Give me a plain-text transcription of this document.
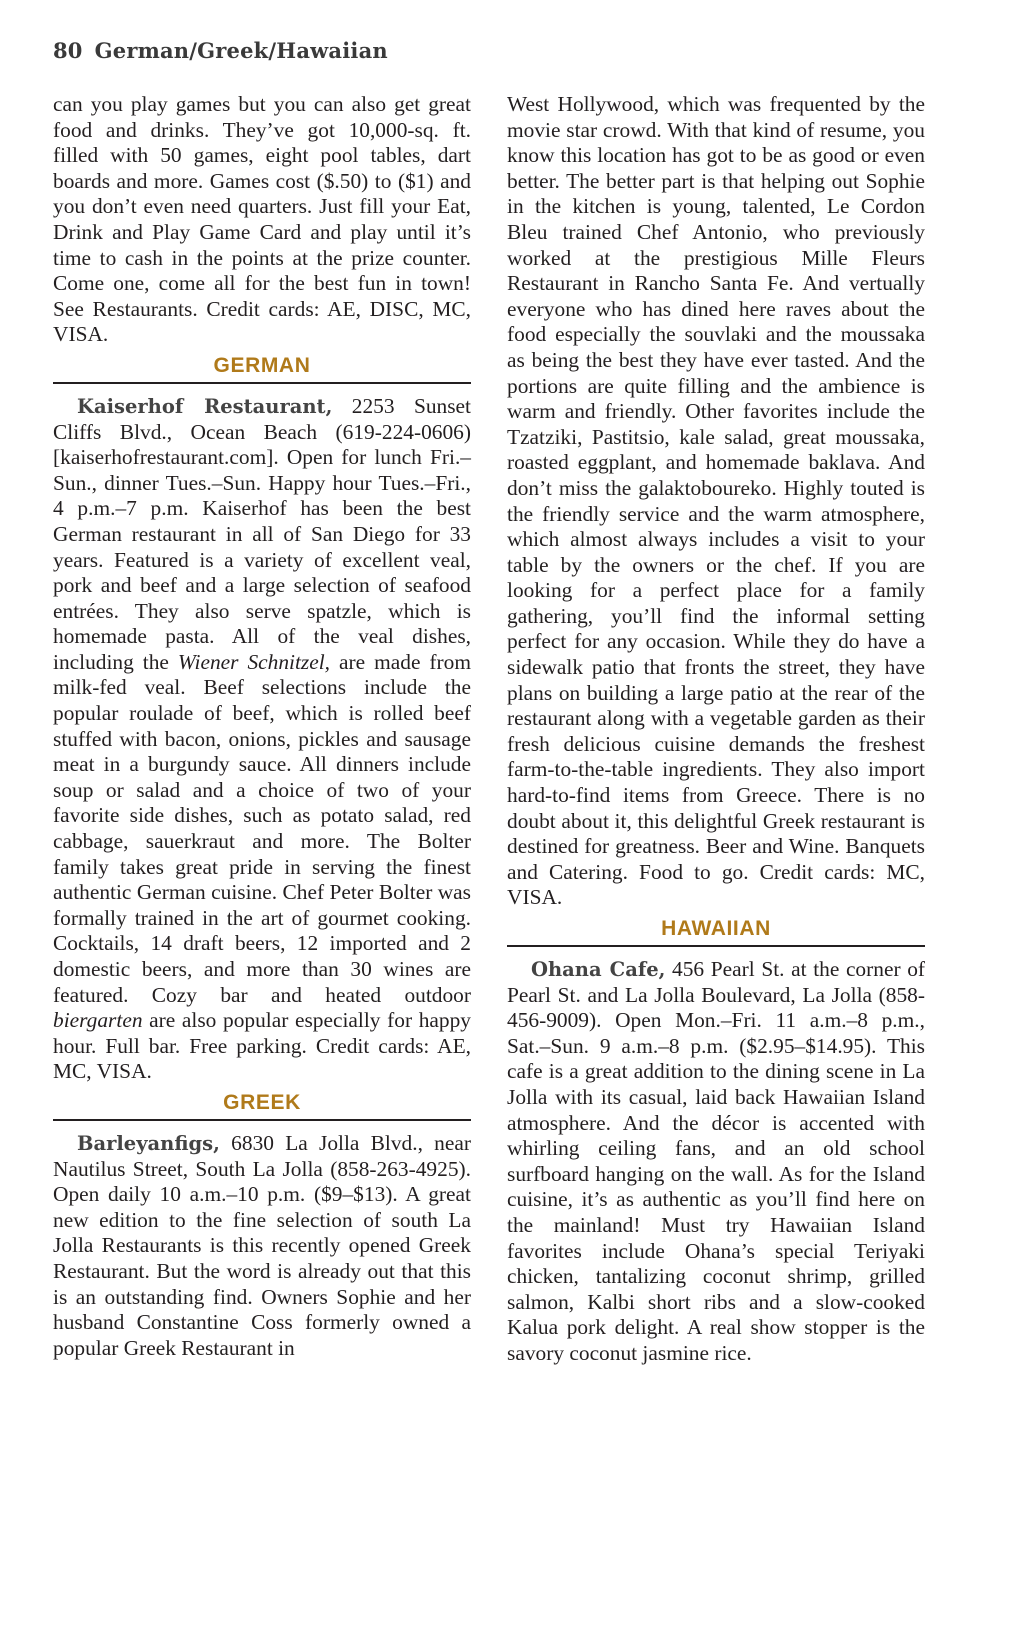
80 German/Greek/Hawaiian

can you play games but you can also get great food and drinks. They’ve got 10,000-sq. ft. filled with 50 games, eight pool tables, dart boards and more. Games cost ($.50) to ($1) and you don’t even need quarters. Just fill your Eat, Drink and Play Game Card and play until it’s time to cash in the points at the prize counter. Come one, come all for the best fun in town! See Restaurants. Credit cards: AE, DISC, MC, VISA.

GERMAN

Kaiserhof Restaurant, 2253 Sunset Cliffs Blvd., Ocean Beach (619-224-0606) [kaiserhofrestaurant.com]. Open for lunch Fri.–Sun., dinner Tues.–Sun. Happy hour Tues.–Fri., 4 p.m.–7 p.m. Kaiserhof has been the best German restaurant in all of San Diego for 33 years. Featured is a variety of excellent veal, pork and beef and a large selection of seafood entrées. They also serve spatzle, which is homemade pasta. All of the veal dishes, including the Wiener Schnitzel, are made from milk-fed veal. Beef selections include the popular roulade of beef, which is rolled beef stuffed with bacon, onions, pickles and sausage meat in a burgundy sauce. All dinners include soup or salad and a choice of two of your favorite side dishes, such as potato salad, red cabbage, sauerkraut and more. The Bolter family takes great pride in serving the finest authentic German cuisine. Chef Peter Bolter was formally trained in the art of gourmet cooking. Cocktails, 14 draft beers, 12 imported and 2 domestic beers, and more than 30 wines are featured. Cozy bar and heated outdoor biergarten are also popular especially for happy hour. Full bar. Free parking. Credit cards: AE, MC, VISA.

GREEK

Barleyanfigs, 6830 La Jolla Blvd., near Nautilus Street, South La Jolla (858-263-4925). Open daily 10 a.m.–10 p.m. ($9–$13). A great new edition to the fine selection of south La Jolla Restaurants is this recently opened Greek Restaurant. But the word is already out that this is an outstanding find. Owners Sophie and her husband Constantine Coss formerly owned a popular Greek Restaurant in

West Hollywood, which was frequented by the movie star crowd. With that kind of resume, you know this location has got to be as good or even better. The better part is that helping out Sophie in the kitchen is young, talented, Le Cordon Bleu trained Chef Antonio, who previously worked at the prestigious Mille Fleurs Restaurant in Rancho Santa Fe. And vertually everyone who has dined here raves about the food especially the souvlaki and the moussaka as being the best they have ever tasted. And the portions are quite filling and the ambience is warm and friendly. Other favorites include the Tzatziki, Pastitsio, kale salad, great moussaka, roasted eggplant, and homemade baklava. And don’t miss the galaktoboureko. Highly touted is the friendly service and the warm atmosphere, which almost always includes a visit to your table by the owners or the chef. If you are looking for a perfect place for a family gathering, you’ll find the informal setting perfect for any occasion. While they do have a sidewalk patio that fronts the street, they have plans on building a large patio at the rear of the restaurant along with a vegetable garden as their fresh delicious cuisine demands the freshest farm-to-the-table ingredients. They also import hard-to-find items from Greece. There is no doubt about it, this delightful Greek restaurant is destined for greatness. Beer and Wine. Banquets and Catering. Food to go. Credit cards: MC, VISA.

HAWAIIAN

Ohana Cafe, 456 Pearl St. at the corner of Pearl St. and La Jolla Boulevard, La Jolla (858-456-9009). Open Mon.–Fri. 11 a.m.–8 p.m., Sat.–Sun. 9 a.m.–8 p.m. ($2.95–$14.95). This cafe is a great addition to the dining scene in La Jolla with its casual, laid back Hawaiian Island atmosphere. And the décor is accented with whirling ceiling fans, and an old school surfboard hanging on the wall. As for the Island cuisine, it’s as authentic as you’ll find here on the mainland! Must try Hawaiian Island favorites include Ohana’s special Teriyaki chicken, tantalizing coconut shrimp, grilled salmon, Kalbi short ribs and a slow-cooked Kalua pork delight. A real show stopper is the savory coconut jasmine rice.
